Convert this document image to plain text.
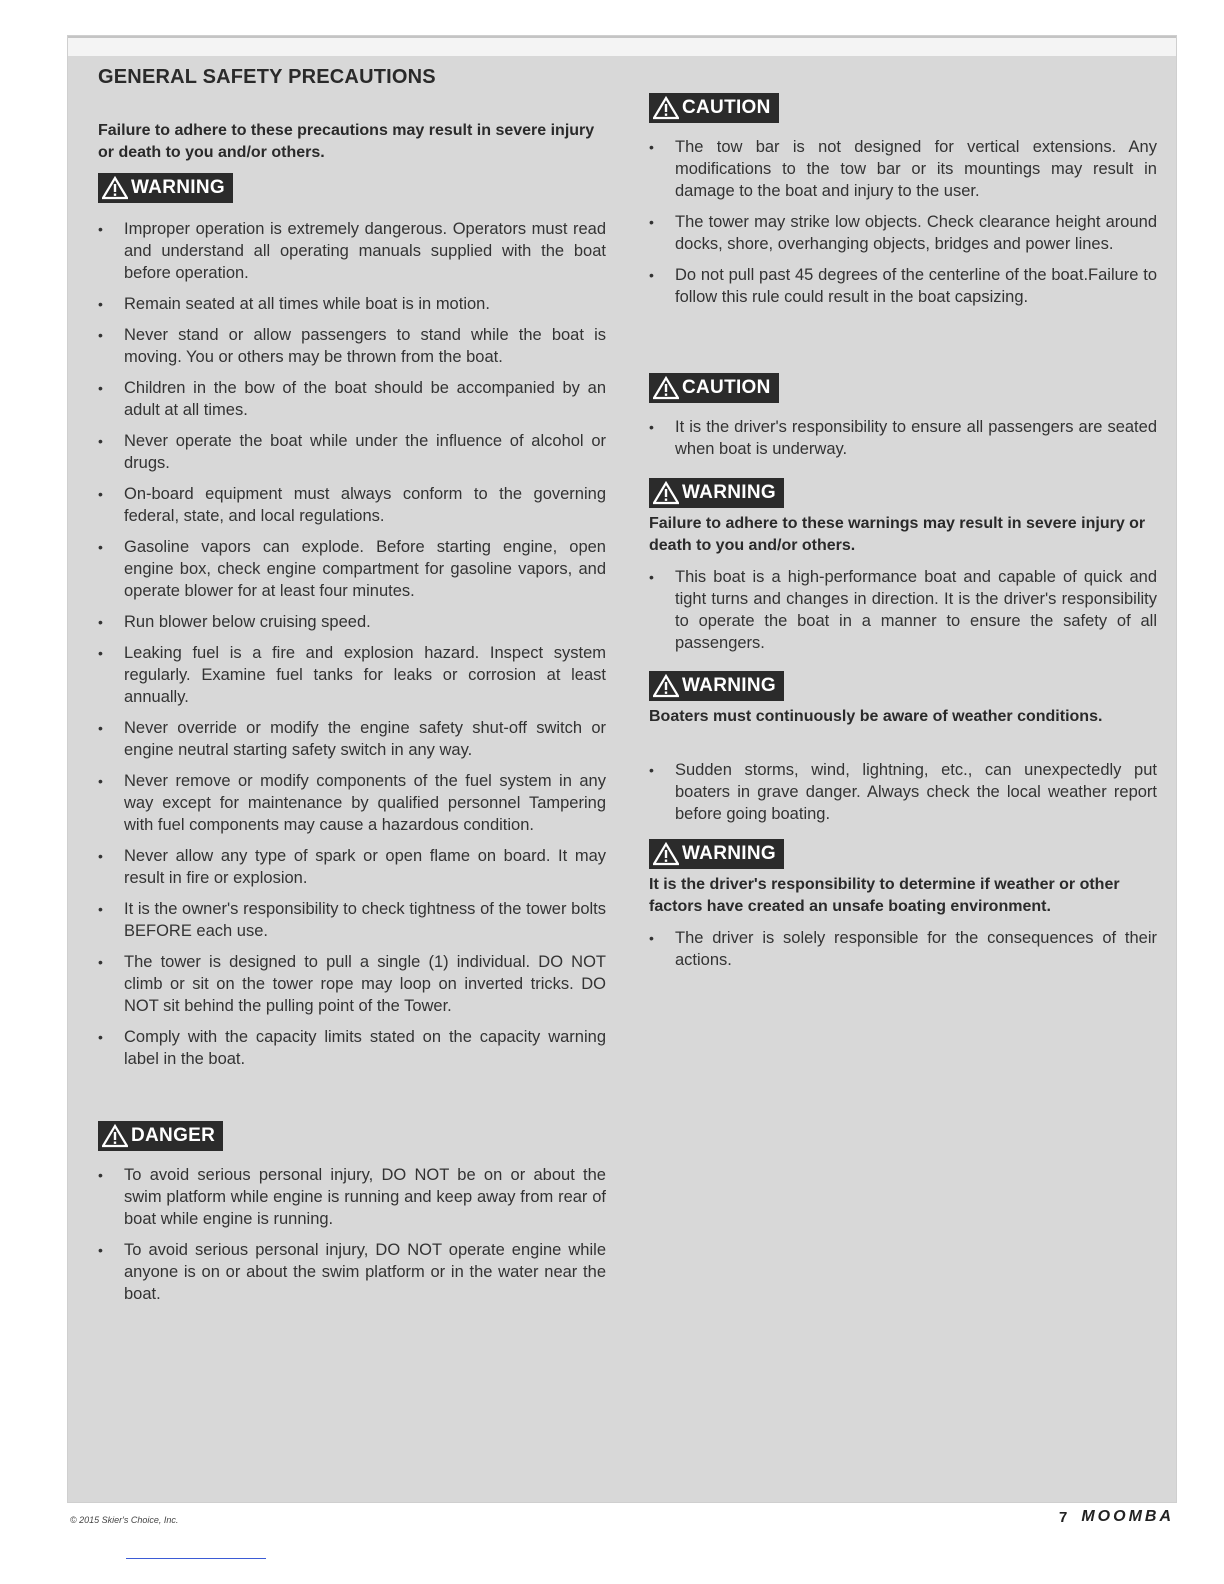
GENERAL SAFETY PRECAUTIONS

Failure to adhere to these precautions may result in severe injury or death to you and/or others.

WARNING
• Improper operation is extremely dangerous. Operators must read and understand all operating manuals supplied with the boat before operation.
• Remain seated at all times while boat is in motion.
• Never stand or allow passengers to stand while the boat is moving. You or others may be thrown from the boat.
• Children in the bow of the boat should be accompanied by an adult at all times.
• Never operate the boat while under the influence of alcohol or drugs.
• On-board equipment must always conform to the governing federal, state, and local regulations.
• Gasoline vapors can explode. Before starting engine, open engine box, check engine compartment for gasoline vapors, and operate blower for at least four minutes.
• Run blower below cruising speed.
• Leaking fuel is a fire and explosion hazard. Inspect system regularly. Examine fuel tanks for leaks or corrosion at least annually.
• Never override or modify the engine safety shut-off switch or engine neutral starting safety switch in any way.
• Never remove or modify components of the fuel system in any way except for maintenance by qualified personnel Tampering with fuel components may cause a hazardous condition.
• Never allow any type of spark or open flame on board. It may result in fire or explosion.
• It is the owner's responsibility to check tightness of the tower bolts BEFORE each use.
• The tower is designed to pull a single (1) individual. DO NOT climb or sit on the tower rope may loop on inverted tricks. DO NOT sit behind the pulling point of the Tower.
• Comply with the capacity limits stated on the capacity warning label in the boat.
DANGER
• To avoid serious personal injury, DO NOT be on or about the swim platform while engine is running and keep away from rear of boat while engine is running.
• To avoid serious personal injury, DO NOT operate engine while anyone is on or about the swim platform or in the water near the boat.
CAUTION
• The tow bar is not designed for vertical extensions. Any modifications to the tow bar or its mountings may result in damage to the boat and injury to the user.
• The tower may strike low objects. Check clearance height around docks, shore, overhanging objects, bridges and power lines.
• Do not pull past 45 degrees of the centerline of the boat.Failure to follow this rule could result in the boat capsizing.
CAUTION
• It is the driver's responsibility to ensure all passengers are seated when boat is underway.
WARNING

Failure to adhere to these warnings may result in severe injury or death to you and/or others.

• This boat is a high-performance boat and capable of quick and tight turns and changes in direction. It is the driver's responsibility to operate the boat in a manner to ensure the safety of all passengers.
WARNING

Boaters must continuously be aware of weather conditions.

• Sudden storms, wind, lightning, etc., can unexpectedly put boaters in grave danger. Always check the local weather report before going boating.
WARNING

It is the driver's responsibility to determine if weather or other factors have created an unsafe boating environment.

• The driver is solely responsible for the consequences of their actions.
© 2015 Skier's Choice, Inc.	7 MOOMBA
